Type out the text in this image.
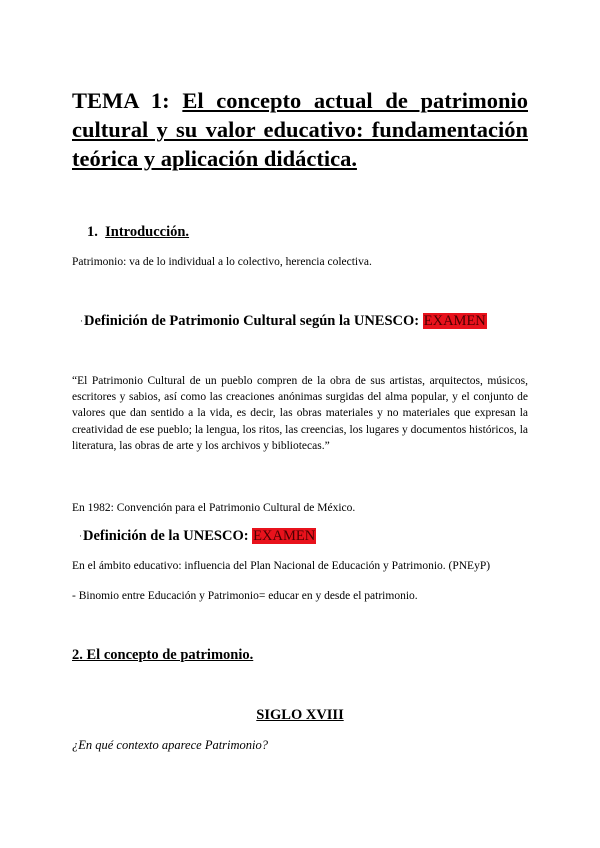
TEMA 1: El concepto actual de patrimonio cultural y su valor educativo: fundamentación teórica y aplicación didáctica.
1. Introducción.
Patrimonio: va de lo individual a lo colectivo, herencia colectiva.
·Definición de Patrimonio Cultural según la UNESCO: EXAMEN
“El Patrimonio Cultural de un pueblo compren de la obra de sus artistas, arquitectos, músicos, escritores y sabios, así como las creaciones anónimas surgidas del alma popular, y el conjunto de valores que dan sentido a la vida, es decir, las obras materiales y no materiales que expresan la creatividad de ese pueblo; la lengua, los ritos, las creencias, los lugares y documentos históricos, la literatura, las obras de arte y los archivos y bibliotecas.”
En 1982: Convención para el Patrimonio Cultural de México.
·Definición de la UNESCO: EXAMEN
En el ámbito educativo: influencia del Plan Nacional de Educación y Patrimonio. (PNEyP)
- Binomio entre Educación y Patrimonio= educar en y desde el patrimonio.
2. El concepto de patrimonio.
SIGLO XVIII
¿En qué contexto aparece Patrimonio?
